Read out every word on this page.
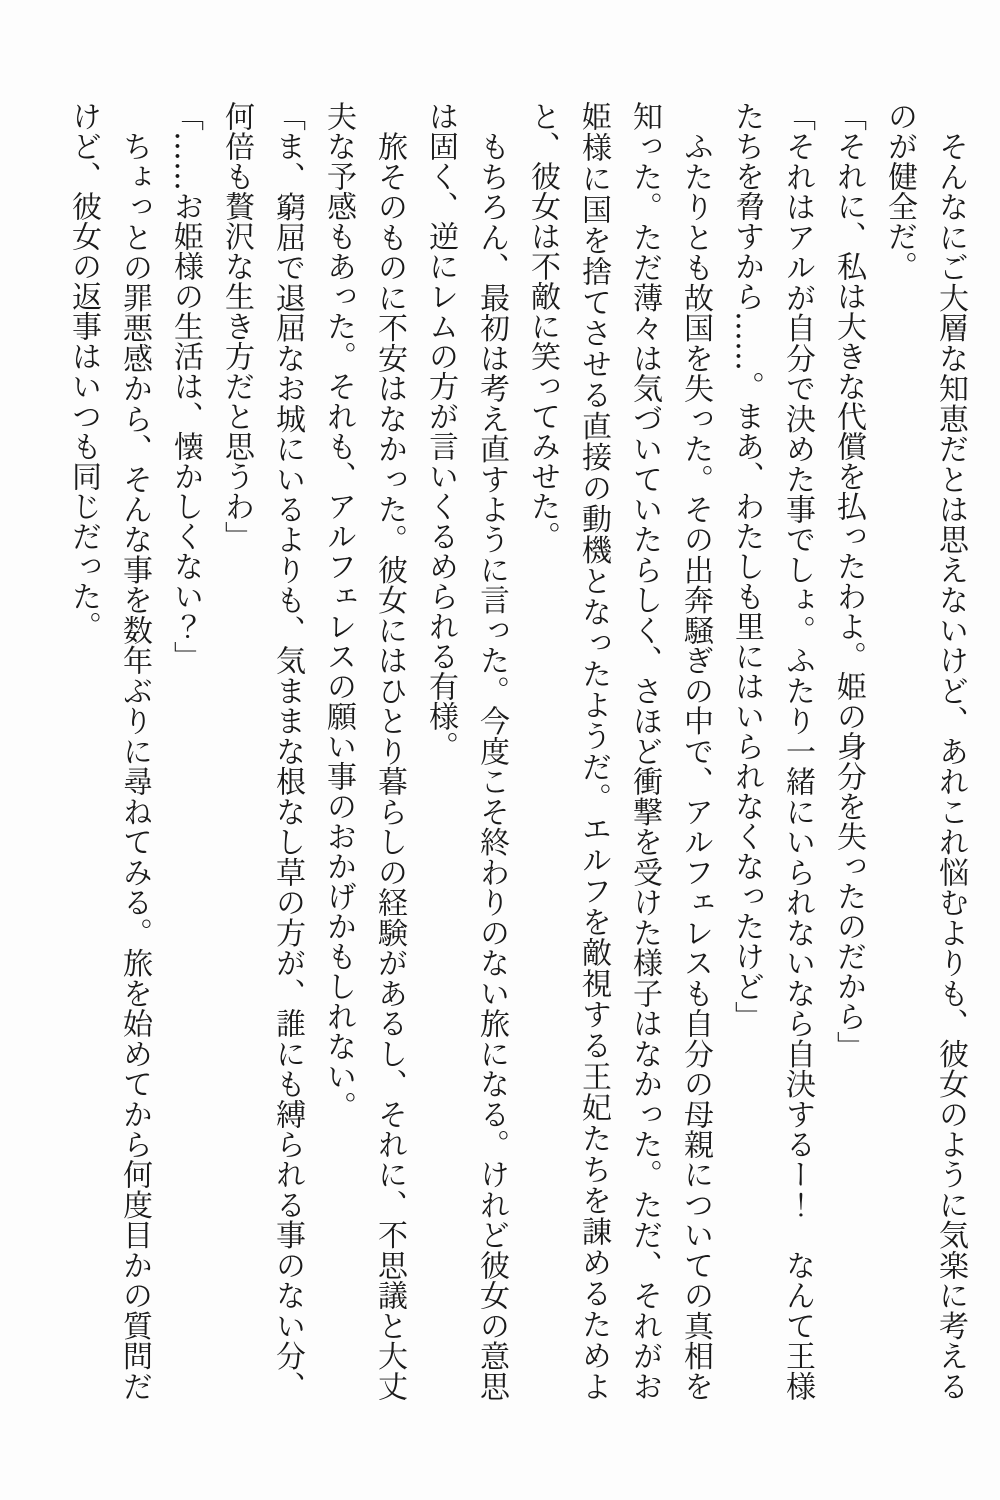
　そんなにご大層な知恵だとは思えないけど、あれこれ悩むよりも、彼女のように気楽に考えるのが健全だ。

「それに、私は大きな代償を払ったわよ。姫の身分を失ったのだから」

「それはアルが自分で決めた事でしょ。ふたり一緒にいられないなら自決するー！　なんて王様たちを脅すから……。まあ、わたしも里にはいられなくなったけど」

　ふたりとも故国を失った。その出奔騒ぎの中で、アルフェレスも自分の母親についての真相を知った。ただ薄々は気づいていたらしく、さほど衝撃を受けた様子はなかった。ただ、それがお姫様に国を捨てさせる直接の動機となったようだ。エルフを敵視する王妃たちを諌めるためよと、彼女は不敵に笑ってみせた。

　もちろん、最初は考え直すように言った。今度こそ終わりのない旅になる。けれど彼女の意思は固く、逆にレムの方が言いくるめられる有様。

　旅そのものに不安はなかった。彼女にはひとり暮らしの経験があるし、それに、不思議と大丈夫な予感もあった。それも、アルフェレスの願い事のおかげかもしれない。

「ま、窮屈で退屈なお城にいるよりも、気ままな根なし草の方が、誰にも縛られる事のない分、何倍も贅沢な生き方だと思うわ」

「……お姫様の生活は、懐かしくない？」

　ちょっとの罪悪感から、そんな事を数年ぶりに尋ねてみる。旅を始めてから何度目かの質問だけど、彼女の返事はいつも同じだった。
